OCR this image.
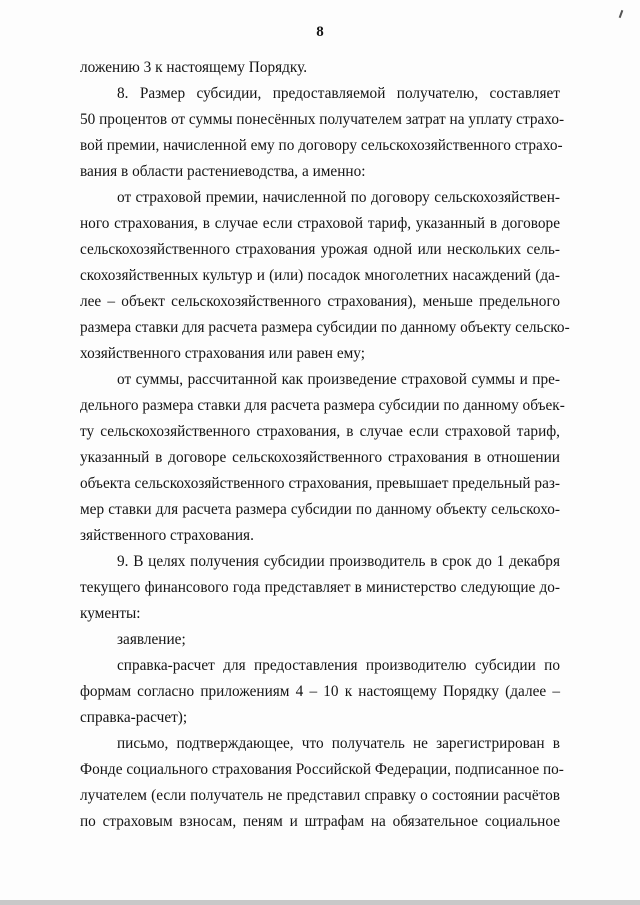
8
ложению 3 к настоящему Порядку.
8. Размер субсидии, предоставляемой получателю, составляет
50 процентов от суммы понесённых получателем затрат на уплату страхо-
вой премии, начисленной ему по договору сельскохозяйственного страхо-
вания в области растениеводства, а именно:
от страховой премии, начисленной по договору сельскохозяйствен-
ного страхования, в случае если страховой тариф, указанный в договоре
сельскохозяйственного страхования урожая одной или нескольких сель-
скохозяйственных культур и (или) посадок многолетних насаждений (да-
лее – объект сельскохозяйственного страхования), меньше предельного
размера ставки для расчета размера субсидии по данному объекту сельско-
хозяйственного страхования или равен ему;
от суммы, рассчитанной как произведение страховой суммы и пре-
дельного размера ставки для расчета размера субсидии по данному объек-
ту сельскохозяйственного страхования, в случае если страховой тариф,
указанный в договоре сельскохозяйственного страхования в отношении
объекта сельскохозяйственного страхования, превышает предельный раз-
мер ставки для расчета размера субсидии по данному объекту сельскохо-
зяйственного страхования.
9. В целях получения субсидии производитель в срок до 1 декабря
текущего финансового года представляет в министерство следующие до-
кументы:
заявление;
справка-расчет для предоставления производителю субсидии по
формам согласно приложениям 4 – 10 к настоящему Порядку (далее –
справка-расчет);
письмо, подтверждающее, что получатель не зарегистрирован в
Фонде социального страхования Российской Федерации, подписанное по-
лучателем (если получатель не представил справку о состоянии расчётов
по страховым взносам, пеням и штрафам на обязательное социальное
